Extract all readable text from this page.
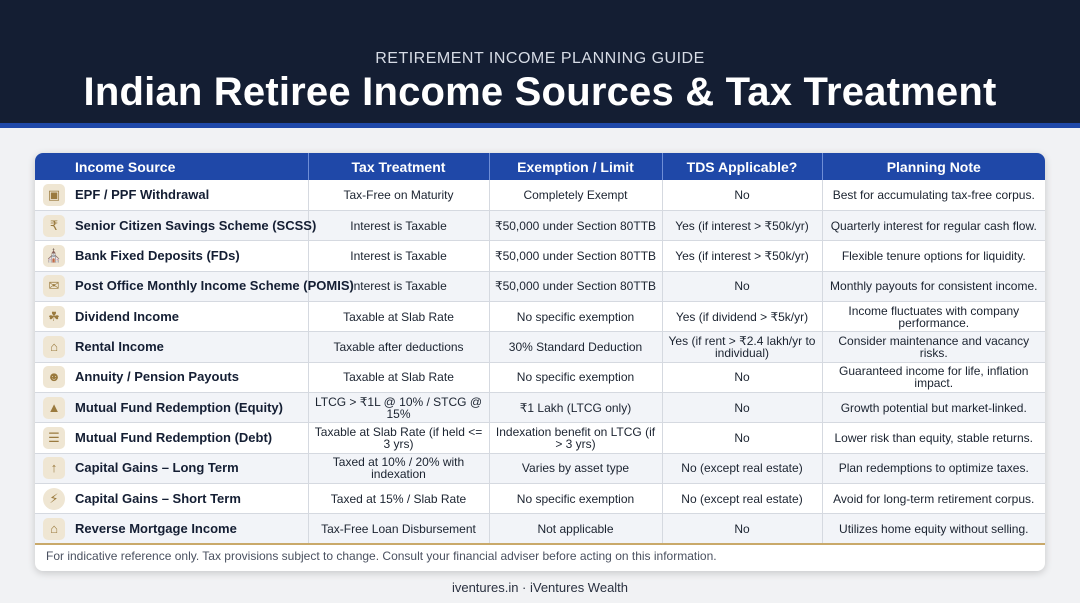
RETIREMENT INCOME PLANNING GUIDE
Indian Retiree Income Sources & Tax Treatment
Income Source	Tax Treatment	Exemption / Limit	TDS Applicable?	Planning Note

▣ EPF / PPF Withdrawal	Tax-Free on Maturity	Completely Exempt	No	Best for accumulating tax-free corpus.

₹ Senior Citizen Savings Scheme (SCSS)	Interest is Taxable	₹50,000 under Section 80TTB	Yes (if interest > ₹50k/yr)	Quarterly interest for regular cash flow.

⛪ Bank Fixed Deposits (FDs)	Interest is Taxable	₹50,000 under Section 80TTB	Yes (if interest > ₹50k/yr)	Flexible tenure options for liquidity.

✉ Post Office Monthly Income Scheme (POMIS)	Interest is Taxable	₹50,000 under Section 80TTB	No	Monthly payouts for consistent income.

☘ Dividend Income	Taxable at Slab Rate	No specific exemption	Yes (if dividend > ₹5k/yr)	Income fluctuates with company performance.

⌂ Rental Income	Taxable after deductions	30% Standard Deduction	Yes (if rent > ₹2.4 lakh/yr to individual)	Consider maintenance and vacancy risks.

☻ Annuity / Pension Payouts	Taxable at Slab Rate	No specific exemption	No	Guaranteed income for life, inflation impact.

▲ Mutual Fund Redemption (Equity)	LTCG > ₹1L @ 10% / STCG @ 15%	₹1 Lakh (LTCG only)	No	Growth potential but market-linked.

☰ Mutual Fund Redemption (Debt)	Taxable at Slab Rate (if held <= 3 yrs)	Indexation benefit on LTCG (if > 3 yrs)	No	Lower risk than equity, stable returns.

↑ Capital Gains – Long Term	Taxed at 10% / 20% with indexation	Varies by asset type	No (except real estate)	Plan redemptions to optimize taxes.

⚡ Capital Gains – Short Term	Taxed at 15% / Slab Rate	No specific exemption	No (except real estate)	Avoid for long-term retirement corpus.

⌂ Reverse Mortgage Income	Tax-Free Loan Disbursement	Not applicable	No	Utilizes home equity without selling.
For indicative reference only. Tax provisions subject to change. Consult your financial adviser before acting on this information.
iventures.in · iVentures Wealth
